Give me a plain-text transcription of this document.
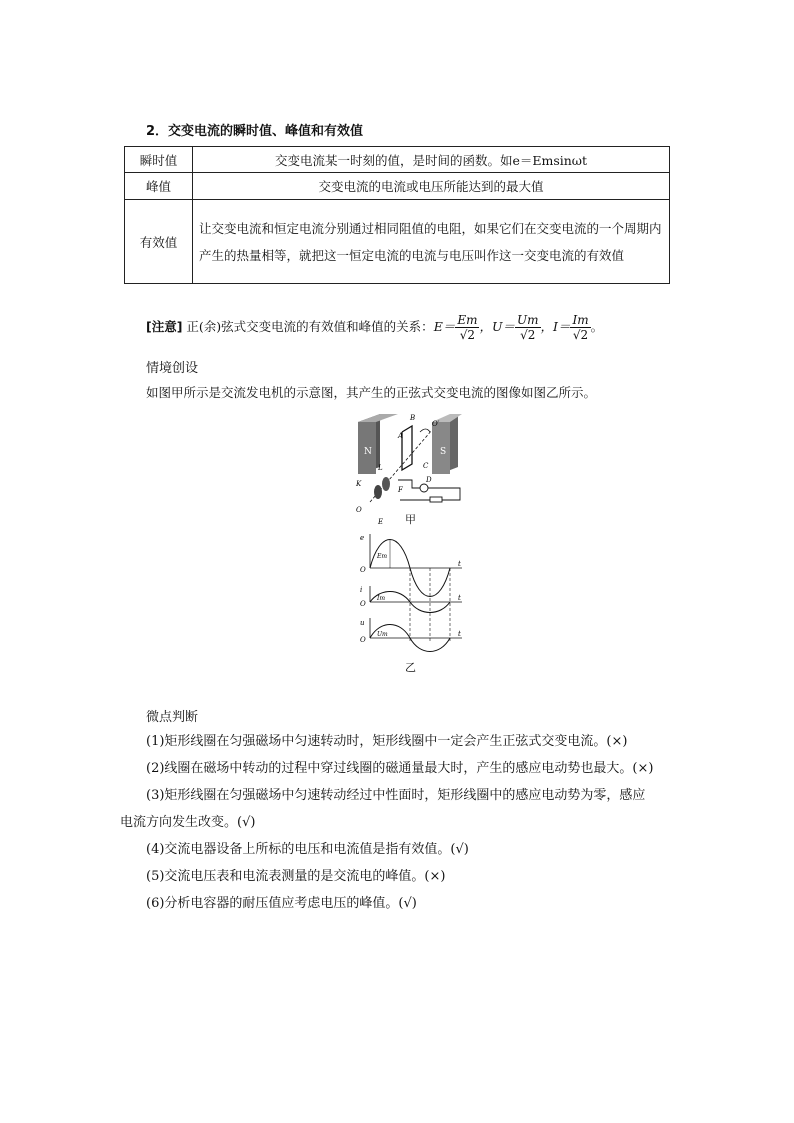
2．交变电流的瞬时值、峰值和有效值
瞬时值	交变电流某一时刻的值，是时间的函数。如e＝Emsinωt
峰值	交变电流的电流或电压所能达到的最大值
有效值	让交变电流和恒定电流分别通过相同阻值的电阻，如果它们在交变电流的一个周期内产生的热量相等，就把这一恒定电流的电流与电压叫作这一交变电流的有效值
[注意] 正(余)弦式交变电流的有效值和峰值的关系：$E= \frac{Em}{√2}$ ，$U= \frac{Um}{√2}$ ，$I= \frac{Im}{√2}$ 。
情境创设
如图甲所示是交流发电机的示意图，其产生的正弦式交变电流的图像如图乙所示。
N	S
A
B
C
D
E
F
K
L
O
O′
甲
e
Em
O
t
i
Im
O
t
u
Um
O
t
乙
微点判断
(1)矩形线圈在匀强磁场中匀速转动时，矩形线圈中一定会产生正弦式交变电流。(×)
(2)线圈在磁场中转动的过程中穿过线圈的磁通量最大时，产生的感应电动势也最大。(×)
(3)矩形线圈在匀强磁场中匀速转动经过中性面时，矩形线圈中的感应电动势为零，感应
电流方向发生改变。(√)
(4)交流电器设备上所标的电压和电流值是指有效值。(√)
(5)交流电压表和电流表测量的是交流电的峰值。(×)
(6)分析电容器的耐压值应考虑电压的峰值。(√)
